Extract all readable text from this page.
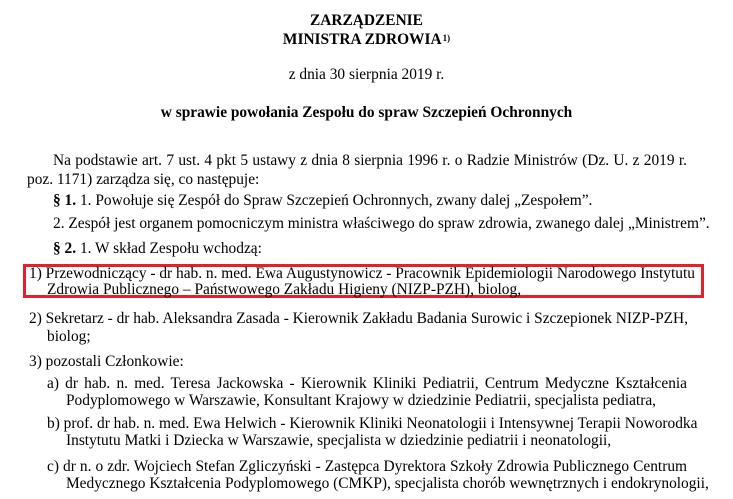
ZARZĄDZENIE
MINISTRA ZDROWIA$^{1)}$
z dnia 30 sierpnia 2019 r.
w sprawie powołania Zespołu do spraw Szczepień Ochronnych
Na podstawie art. 7 ust. 4 pkt 5 ustawy z dnia 8 sierpnia 1996 r. o Radzie Ministrów (Dz. U. z 2019 r.
poz. 1171) zarządza się, co następuje:
§ 1. 1. Powołuje się Zespół do Spraw Szczepień Ochronnych, zwany dalej „Zespołem”.
2. Zespół jest organem pomocniczym ministra właściwego do spraw zdrowia, zwanego dalej „Ministrem”.
§ 2. 1. W skład Zespołu wchodzą:
1) Przewodniczący - dr hab. n. med. Ewa Augustynowicz - Pracownik Epidemiologii Narodowego Instytutu
Zdrowia Publicznego – Państwowego Zakładu Higieny (NIZP-PZH), biolog,
2) Sekretarz - dr hab. Aleksandra Zasada - Kierownik Zakładu Badania Surowic i Szczepionek NIZP-PZH,
biolog;
3) pozostali Członkowie:
a) dr hab. n. med. Teresa Jackowska - Kierownik Kliniki Pediatrii, Centrum Medyczne Kształcenia
Podyplomowego w Warszawie, Konsultant Krajowy w dziedzinie Pediatrii, specjalista pediatra,
b) prof. dr hab. n. med. Ewa Helwich - Kierownik Kliniki Neonatologii i Intensywnej Terapii Noworodka
Instytutu Matki i Dziecka w Warszawie, specjalista w dziedzinie pediatrii i neonatologii,
c) dr n. o zdr. Wojciech Stefan Zgliczyński - Zastępca Dyrektora Szkoły Zdrowia Publicznego Centrum
Medycznego Kształcenia Podyplomowego (CMKP), specjalista chorób wewnętrznych i endokrynologii,
